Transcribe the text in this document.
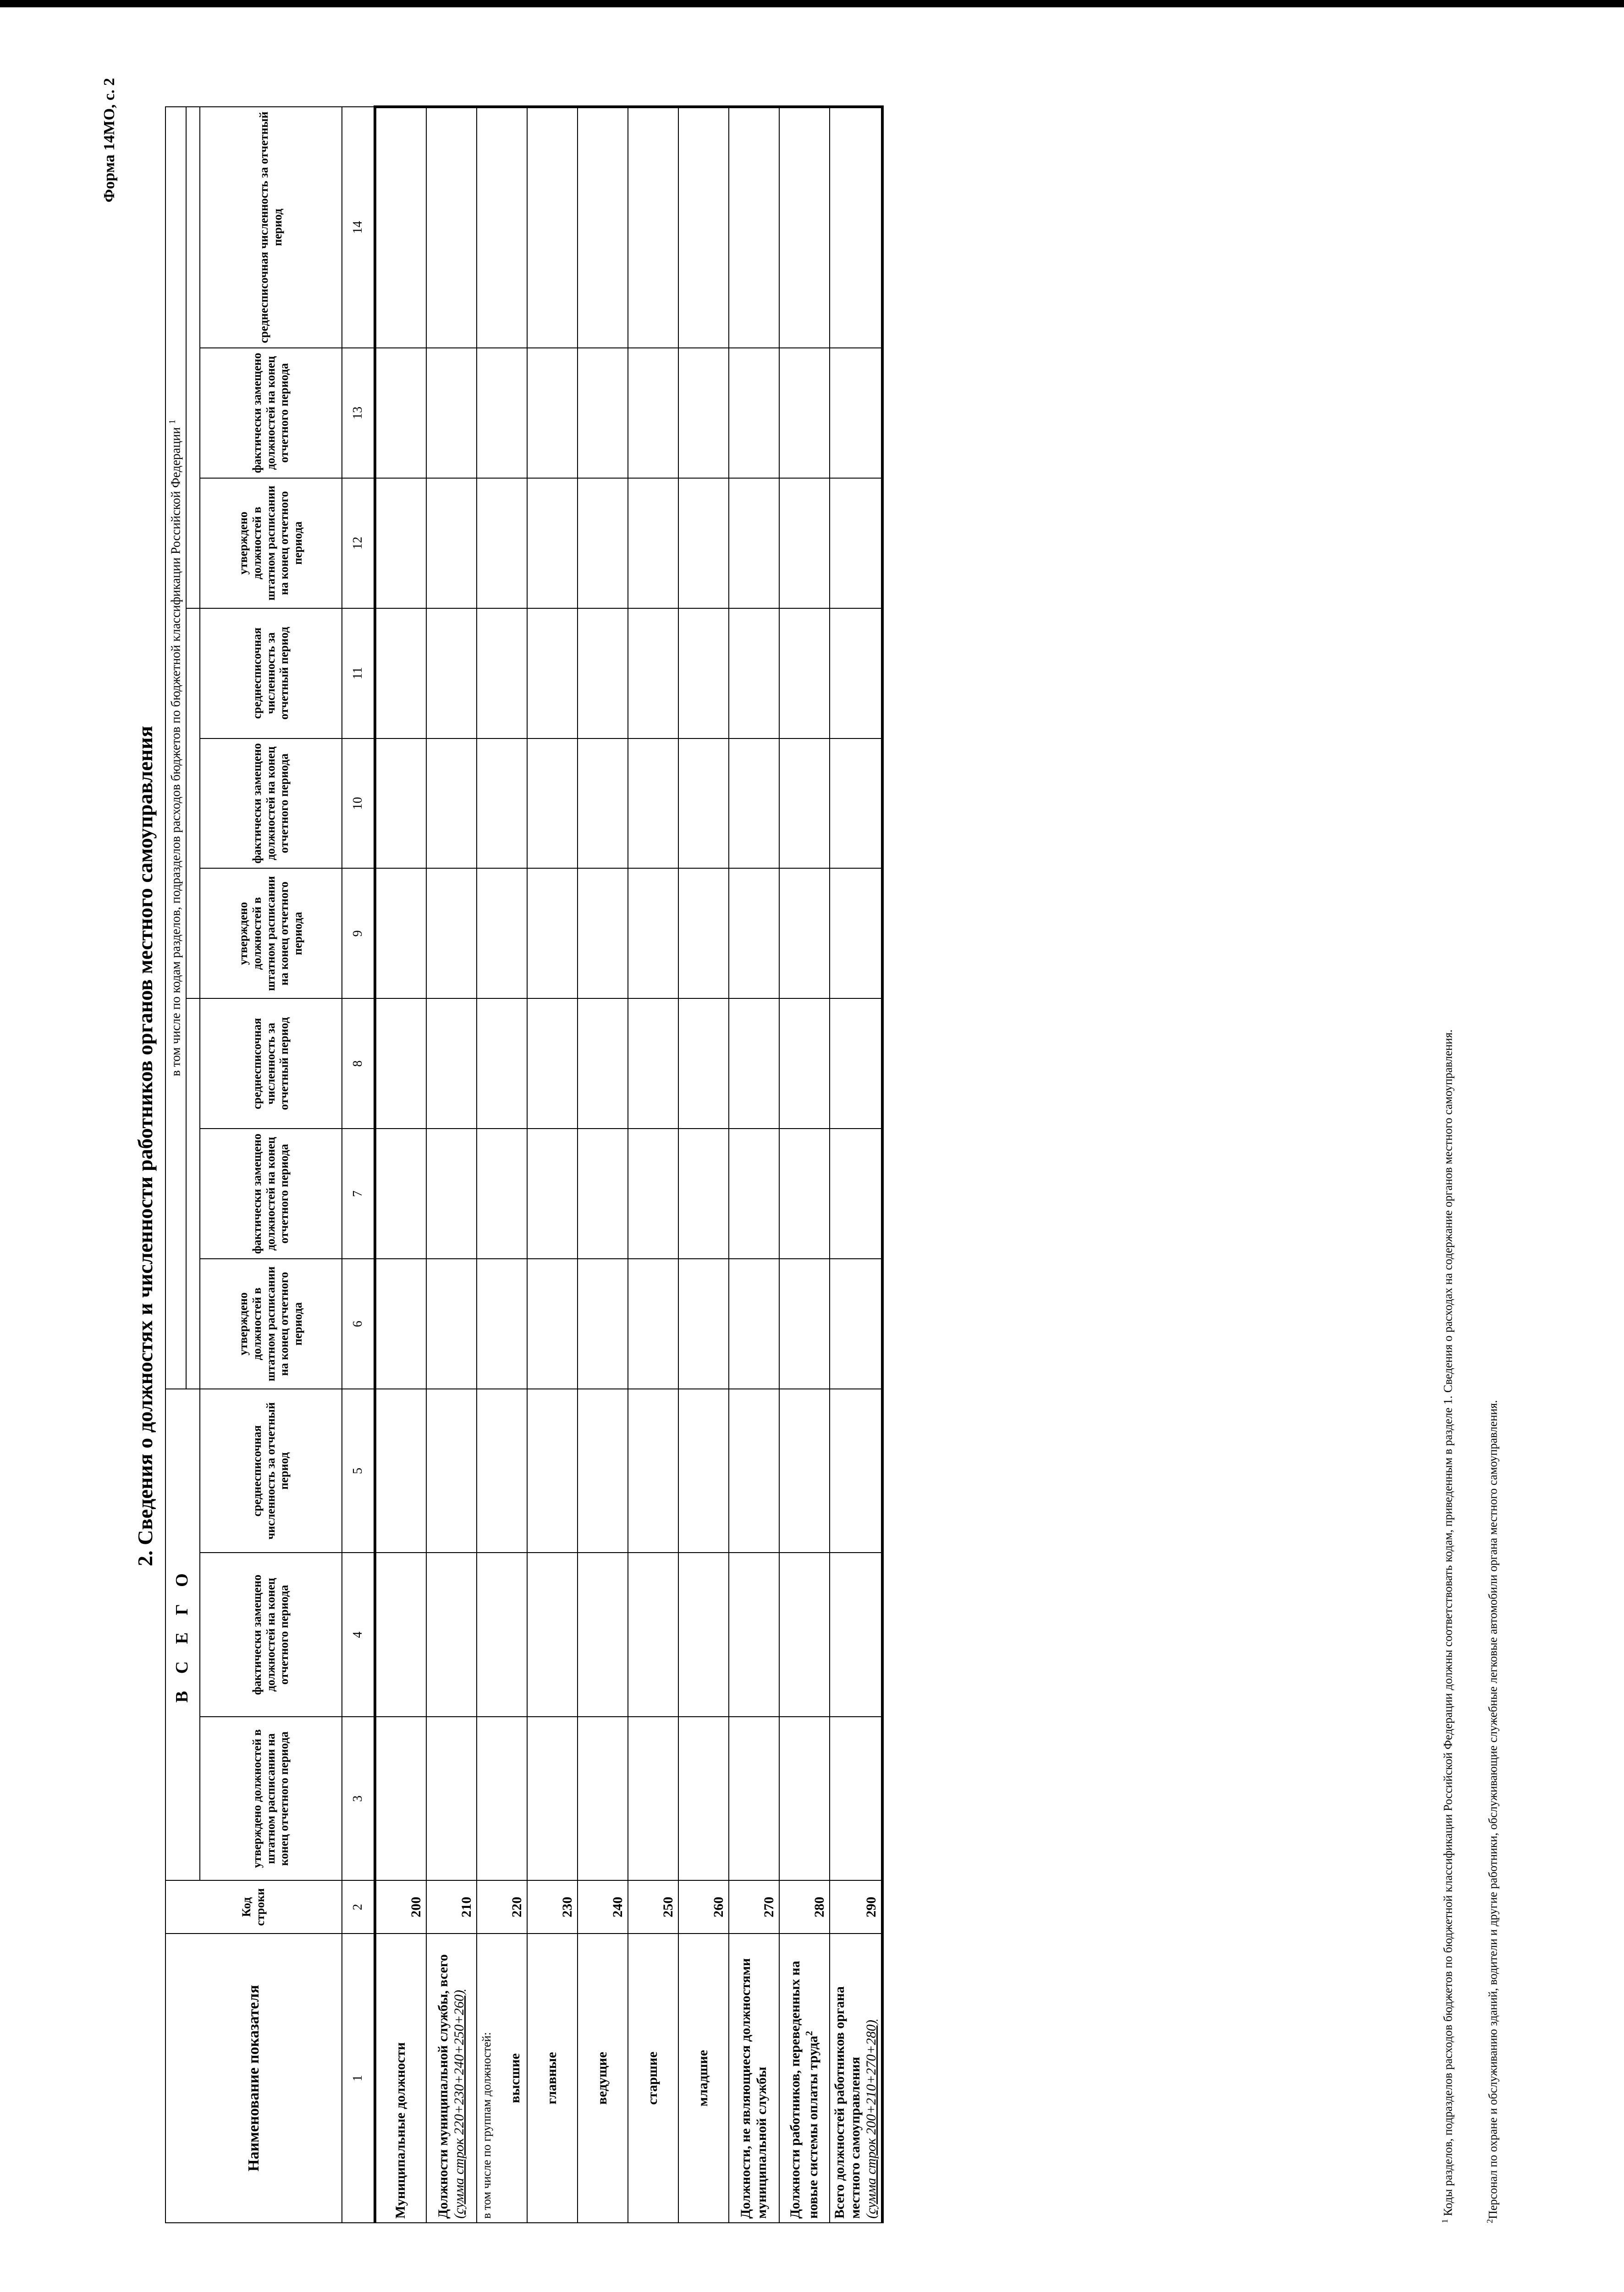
Форма 14МО, с. 2
2. Сведения о должностях и численности работников органов местного самоуправления
Наименование показателя	Код строки	В С Е Г О			в том числе по кодам разделов, подразделов расходов бюджетов по бюджетной классификации Российской Федерации $^1$

		утверждено должностей в штатном расписании на конец отчетного периода	фактически замещено должностей на конец отчетного периода	среднесписочная численность за отчетный период	утверждено должностей в штатном расписании на конец отчетного периода	фактически замещено должностей на конец отчетного периода	среднесписочная численность за отчетный период	утверждено должностей в штатном расписании на конец отчетного периода	фактически замещено должностей на конец отчетного периода	среднесписочная численность за отчетный период	утверждено должностей в штатном расписании на конец отчетного периода	фактически замещено должностей на конец отчетного периода	среднесписочная численность за отчетный период
1	2	3	4	5	6	7	8	9	10	11	12	13	14
Муниципальные должности	200												
Должности муниципальной службы, всего (сумма строк 220+230+240+250+260)	210												

в том числе по группам должностей: высшие	220												
главные	230												
ведущие	240												
старшие	250												
младшие	260												
Должности, не являющиеся должностями муниципальной службы	270												
Должности работников, переведенных на новые системы оплаты труда$^2$	280												
Всего должностей работников органа местного самоуправления (сумма строк 200+210+270+280)	290												

$^1$ Коды разделов, подразделов расходов бюджетов по бюджетной классификации Российской Федерации должны соответствовать кодам, приведенным в разделе 1. Сведения о расходах на содержание органов местного самоуправления.

$^2$Персонал по охране и обслуживанию зданий, водители и другие работники, обслуживающие служебные легковые автомобили органа местного самоуправления.
